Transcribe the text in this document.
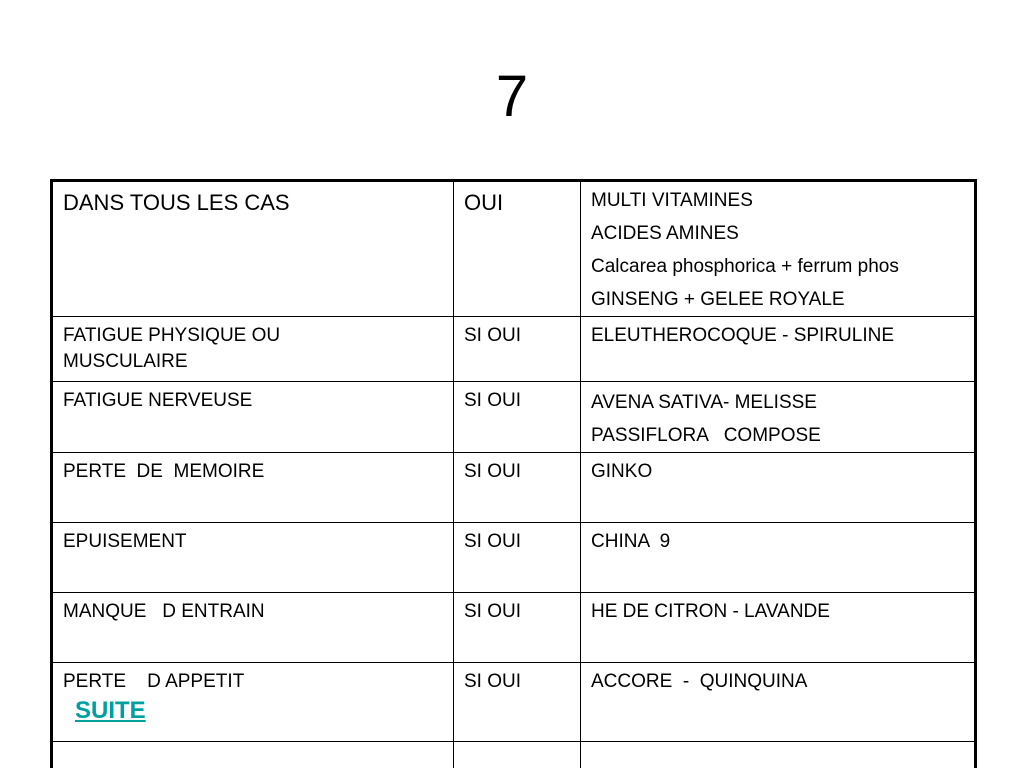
7
DANS TOUS LES CAS	OUI	MULTI VITAMINES
ACIDES AMINES
Calcarea phosphorica + ferrum phos
GINSENG + GELEE ROYALE

FATIGUE PHYSIQUE OU MUSCULAIRE	SI OUI	ELEUTHEROCOQUE - SPIRULINE

FATIGUE NERVEUSE	SI OUI	AVENA SATIVA- MELISSE
PASSIFLORA   COMPOSE

PERTE  DE  MEMOIRE	SI OUI	GINKO

EPUISEMENT	SI OUI	CHINA  9

MANQUE   D ENTRAIN	SI OUI	HE DE CITRON - LAVANDE

PERTE    D APPETIT
SUITE	SI OUI	ACCORE  -  QUINQUINA
